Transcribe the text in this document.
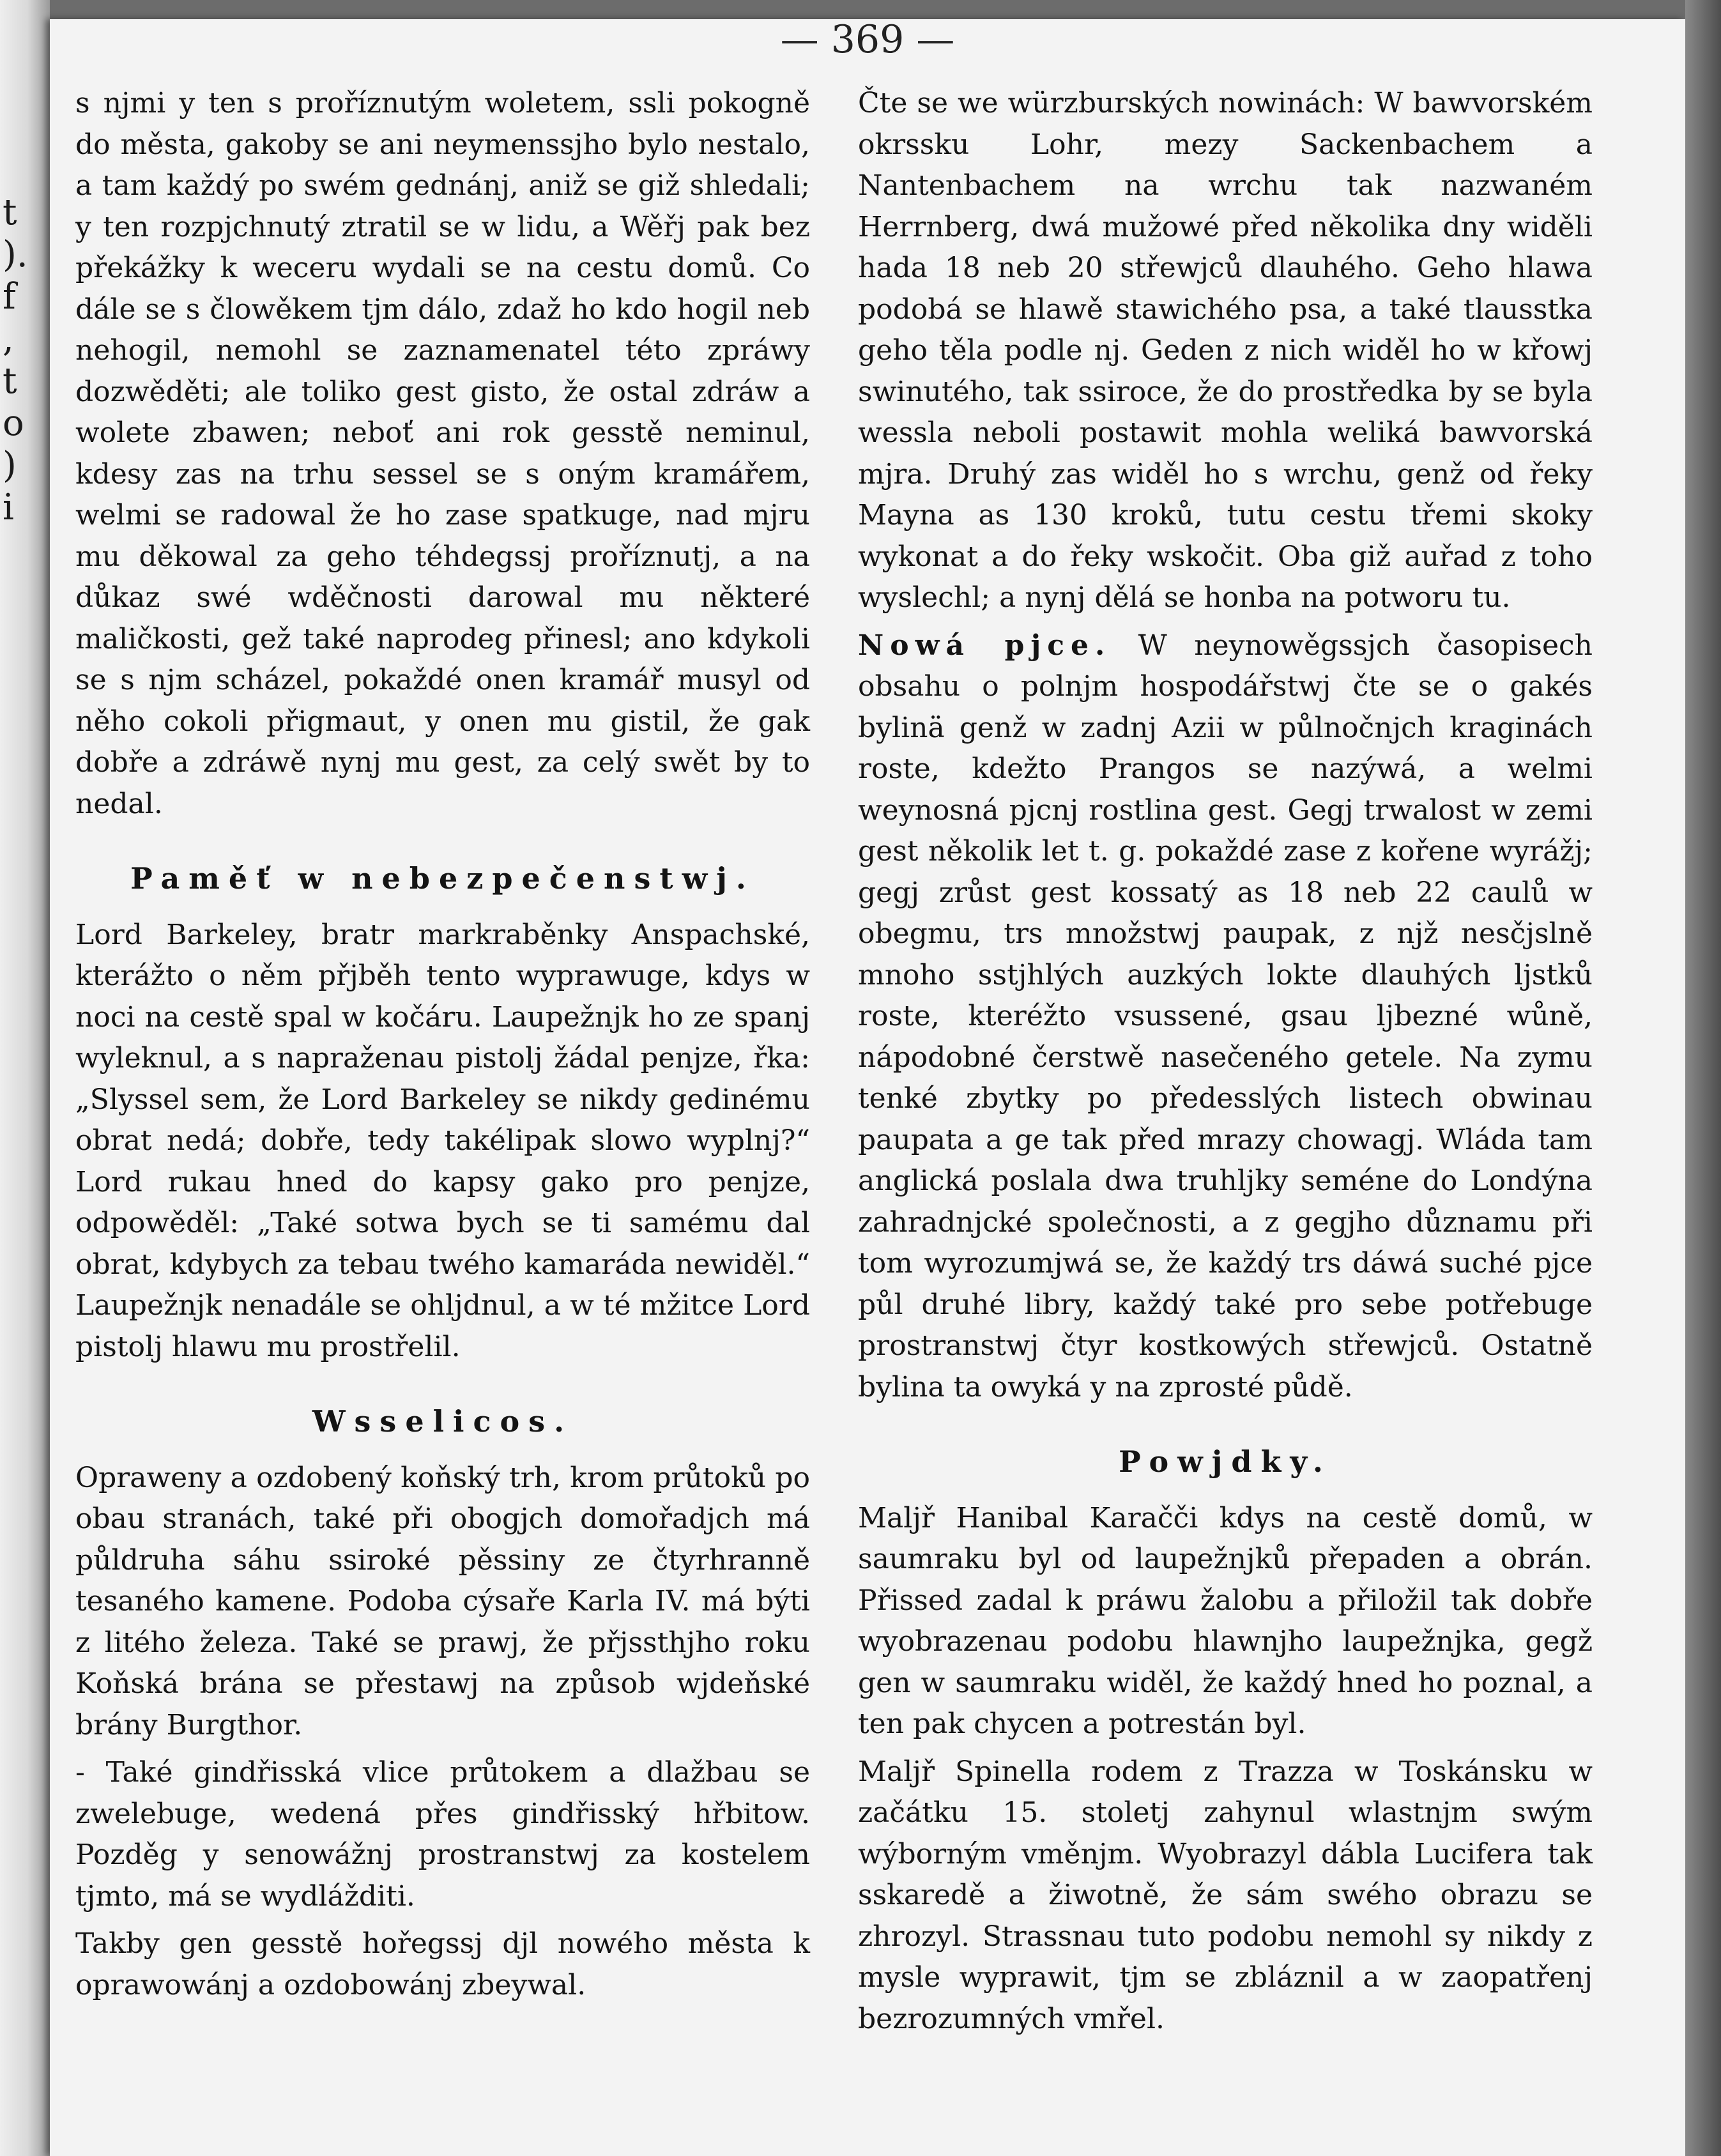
t
).
f
,
t
o
)
i
— 369 —

s njmi y ten s proříznutým woletem, ssli pokogně do města, gakoby se ani neymenssjho bylo nestalo, a tam každý po swém gednánj, aniž se giž shledali; y ten rozpjchnutý ztratil se w lidu, a Wěřj pak bez překážky k weceru wydali se na cestu domů. Co dále se s člowěkem tjm dálo, zdaž ho kdo hogil neb nehogil, nemohl se zaznamenatel této zpráwy dozwěděti; ale toliko gest gisto, že ostal zdráw a wolete zbawen; neboť ani rok gesstě neminul, kdesy zas na trhu sessel se s oným kramářem, welmi se radowal že ho zase spatkuge, nad mjru mu děkowal za geho téhdegssj proříznutj, a na důkaz swé wděčnosti darowal mu některé maličkosti, gež také naprodeg přinesl; ano kdykoli se s njm scházel, pokaždé onen kramář musyl od něho cokoli přigmaut, y onen mu gistil, že gak dobře a zdráwě nynj mu gest, za celý swět by to nedal.

Paměť w nebezpečenstwj.

Lord Barkeley, bratr markraběnky Anspachské, kterážto o něm přjběh tento wyprawuge, kdys w noci na cestě spal w kočáru. Laupežnjk ho ze spanj wyleknul, a s naprаženau pistolj žádal penjze, řka: „Slyssel sem, že Lord Barkeley se nikdy gedinému obrat nedá; dobře, tedy takélipak slowo wyplnj?“ Lord rukau hned do kapsy gako pro penjze, odpowěděl: „Také sotwa bych se ti samému dal obrat, kdybych za tebau twého kamaráda newiděl.“ Laupežnjk nenadále se ohljdnul, a w té mžitce Lord pistolj hlawu mu prostřelil.

Wsselicos.

Opraweny a ozdobený koňský trh, krom průtoků po obau stranách, také při obogjch domořadjch má půldruha sáhu ssiroké pěssiny ze čtyrhranně tesaného kamene. Podoba cýsaře Karla IV. má býti z litého železa. Také se prawj, že přjssthjho roku Koňská brána se přestawj na způsob wjdeňské brány Burgthor.

- Také gindřisská vlice průtokem a dlažbau se zwelebuge, wedená přes gindřisský hřbitow. Pozděg y senowážnj prostranstwj za kostelem tjmto, má se wydlážditi.

Takby gen gesstě hořegssj djl nowého města k oprawowánj a ozdobowánj zbeywal.

Čte se we würzburských nowinách: W bawvorském okrssku Lohr, mezy Sackenbachem a Nantenbachem na wrchu tak nazwaném Herrnberg, dwá mužowé před několika dny widěli hada 18 neb 20 střewjců dlauhého. Geho hlawa podobá se hlawě stawichého psa, a také tlausstka geho těla podle nj. Geden z nich widěl ho w křowj swinutého, tak ssiroce, že do prostředka by se byla wessla neboli postawit mohla weliká bawvorská mjra. Druhý zas widěl ho s wrchu, genž od řeky Mayna as 130 kroků, tutu cestu třemi skoky wykonat a do řeky wskočit. Oba giž auřad z toho wyslechl; a nynj dělá se honba na potworu tu.

Nowá pjce. W neynowěgssjch časopisech obsahu o polnjm hospodářstwj čte se o gakés bylinä genž w zadnj Azii w půlnočnjch kraginách roste, kdežto Prangos se nazýwá, a welmi weynosná pjcnj rostlina gest. Gegj trwalost w zemi gest několik let t. g. pokaždé zase z kořene wyrážj; gegj zrůst gest kossatý as 18 neb 22 caulů w obegmu, trs množstwj paupak, z njž nesčjslně mnoho sstjhlých auzkých lokte dlauhých ljstků roste, kteréžto vsussené, gsau ljbezné wůně, nápodobné čerstwě nasečeného getele. Na zymu tenké zbytky po předesslých listech obwinau paupata a ge tak před mrazy chowagj. Wláda tam anglická poslala dwa truhljky seméne do Londýna zahradnjcké společnosti, a z gegjho důznamu při tom wyrozumjwá se, že každý trs dáwá suché pjce půl druhé libry, každý také pro sebe potřebuge prostranstwj čtyr kostkowých střewjců. Ostatně bylina ta owyká y na zprosté půdě.

Powjdky.

Maljř Hanibal Karačči kdys na cestě domů, w saumraku byl od laupežnjků přepaden a obrán. Přissed zadal k práwu žalobu a přiložil tak dobře wyobrazenau podobu hlawnjho laupežnjka, gegž gen w saumraku widěl, že každý hned ho poznal, a ten pak chycen a potrestán byl.

Maljř Spinella rodem z Trazza w Toskánsku w začátku 15. stoletj zahynul wlastnjm swým wýborným vměnjm. Wyobrazyl dábla Lucifera tak sskaredě a žiwotně, že sám swého obrazu se zhrozyl. Strassnau tuto podobu nemohl sy nikdy z mysle wyprawit, tjm se zbláznil a w zaopatřenj bezrozumných vmřel.
